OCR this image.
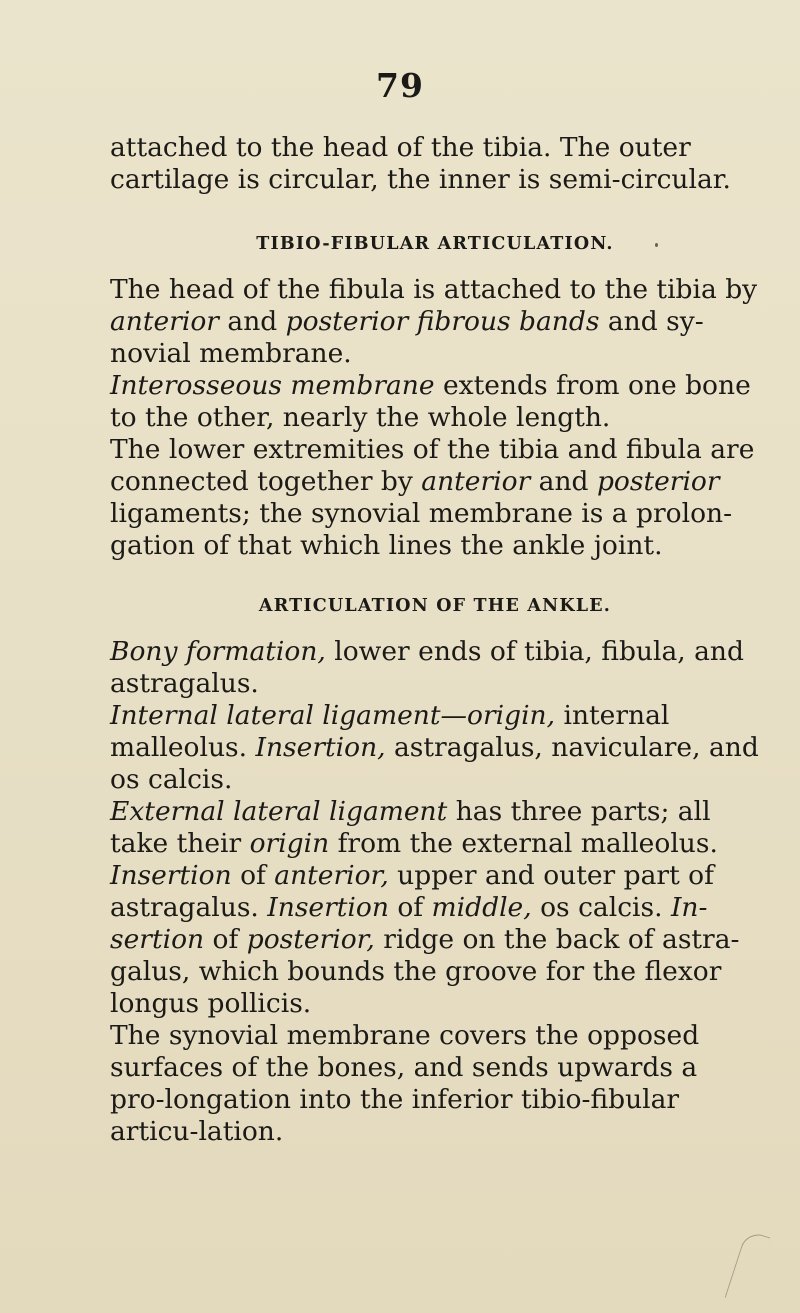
79

attached to the head of the tibia. The outer cartilage is circular, the inner is semi-circular.

TIBIO-FIBULAR ARTICULATION.

The head of the fibula is attached to the tibia by anterior and posterior fibrous bands and sy-novial membrane.

Interosseous membrane extends from one bone to the other, nearly the whole length.

The lower extremities of the tibia and fibula are connected together by anterior and posterior ligaments; the synovial membrane is a prolon-gation of that which lines the ankle joint.

ARTICULATION OF THE ANKLE.

Bony formation, lower ends of tibia, fibula, and astragalus.

Internal lateral ligament—origin, internal malleolus. Insertion, astragalus, naviculare, and os calcis.

External lateral ligament has three parts; all take their origin from the external malleolus. Insertion of anterior, upper and outer part of astragalus. Insertion of middle, os calcis. In-sertion of posterior, ridge on the back of astra-galus, which bounds the groove for the flexor longus pollicis.

The synovial membrane covers the opposed surfaces of the bones, and sends upwards a pro-longation into the inferior tibio-fibular articu-lation.
